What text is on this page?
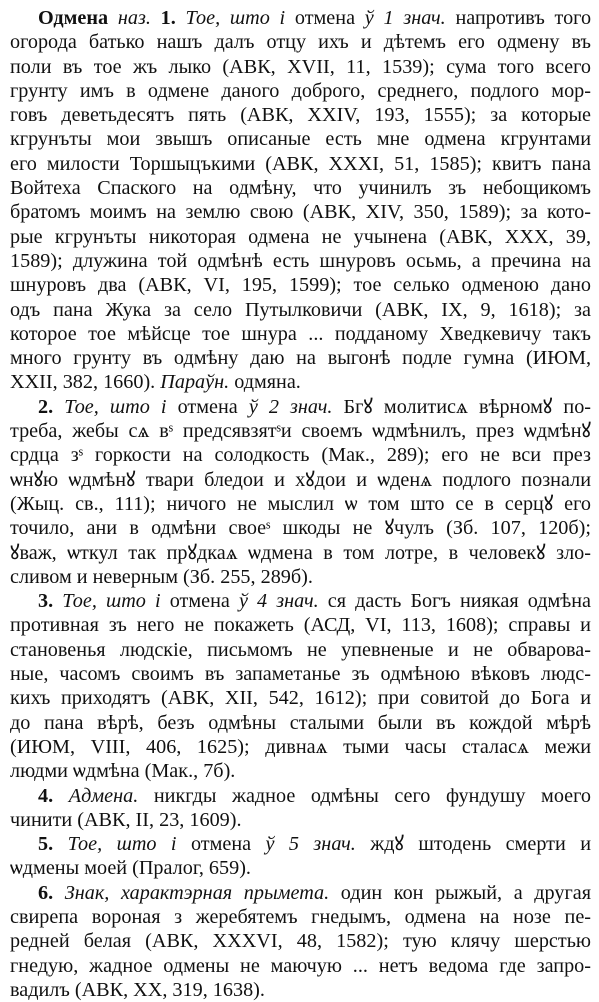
Одмена наз. 1. Тое, што і отмена ў 1 знач. напротивъ того
огорода батько нашъ далъ отцу ихъ и дѣтемъ его одмену въ
поли въ тое жъ лыко (АВК, XVII, 11, 1539); сума того всего
грунту имъ в одмене даного доброго, среднего, подлого мор-
говъ деветьдесятъ пять (АВК, XXIV, 193, 1555); за которые
кгрунъты мои звышъ описаные есть мне одмена кгрунтами
его милости Торшыцъкими (АВК, XXXI, 51, 1585); квитъ пана
Войтеха Спаского на одмѣну, что учинилъ зъ небощикомъ
братомъ моимъ на землю свою (АВК, XIV, 350, 1589); за кото-
рые кгрунъты никоторая одмена не учынена (АВК, XXX, 39,
1589); длужина той одмѣнѣ есть шнуровъ осьмь, а пречина на
шнуровъ два (АВК, VI, 195, 1599); тое селько одменою дано
одъ пана Жука за село Путылковичи (АВК, IX, 9, 1618); за
которое тое мѣйсце тое шнура ... подданому Хведкевичу такъ
много грунту въ одмѣну даю на выгонѣ подле гумна (ИЮМ,
XXII, 382, 1660). Параўн. одмяна.
2. Тое, што і отмена ў 2 знач. Бгꙋ молитисѧ вѣрномꙋ по-
треба, жебы сѧ вˢ предсявзятˢи своемъ ѡдмѣнилъ, през ѡдмѣнꙋ
срдца зˢ горкости на солодкость (Мак., 289); его не вси през
ѡнꙋю ѡдмѣнꙋ твари бледои и хꙋдои и ѡденѧ подлого познали
(Жыц. св., 111); ничого не мыслил ѡ том што се в серцꙋ его
точило, ани в одмѣни своеˢ шкоды не ꙋчулъ (Зб. 107, 120б);
ꙋваж, ѡткул так прꙋдкаѧ ѡдмена в том лотре, в человекꙋ зло-
сливом и неверным (Зб. 255, 289б).
3. Тое, што і отмена ў 4 знач. ся дасть Богъ ниякая одмѣна
противная зъ него не покажеть (АСД, VI, 113, 1608); справы и
становенья людскіе, письмомъ не упевненые и не обварова-
ные, часомъ своимъ въ запаметанье зъ одмѣною вѣковъ людс-
кихъ приходятъ (АВК, XII, 542, 1612); при совитой до Бога и
до пана вѣрѣ, безъ одмѣны сталыми были въ кождой мѣрѣ
(ИЮМ, VIII, 406, 1625); дивнаѧ тыми часы сталасѧ межи
людми ѡдмѣна (Мак., 7б).
4. Адмена. никгды жадное одмѣны сего фундушу моего
чинити (АВК, II, 23, 1609).
5. Тое, што і отмена ў 5 знач. ждꙋ штодень смерти и
ѡдмены моей (Пралог, 659).
6. Знак, характэрная прымета. один кон рыжый, а другая
свирепа воронaя з жеребятемъ гнедымъ, одмена на нозе пе-
редней белая (АВК, XXXVI, 48, 1582); тую клячу шерстью
гнедую, жадное одмены не маючую ... нетъ ведома где запро-
вадилъ (АВК, XX, 319, 1638).
